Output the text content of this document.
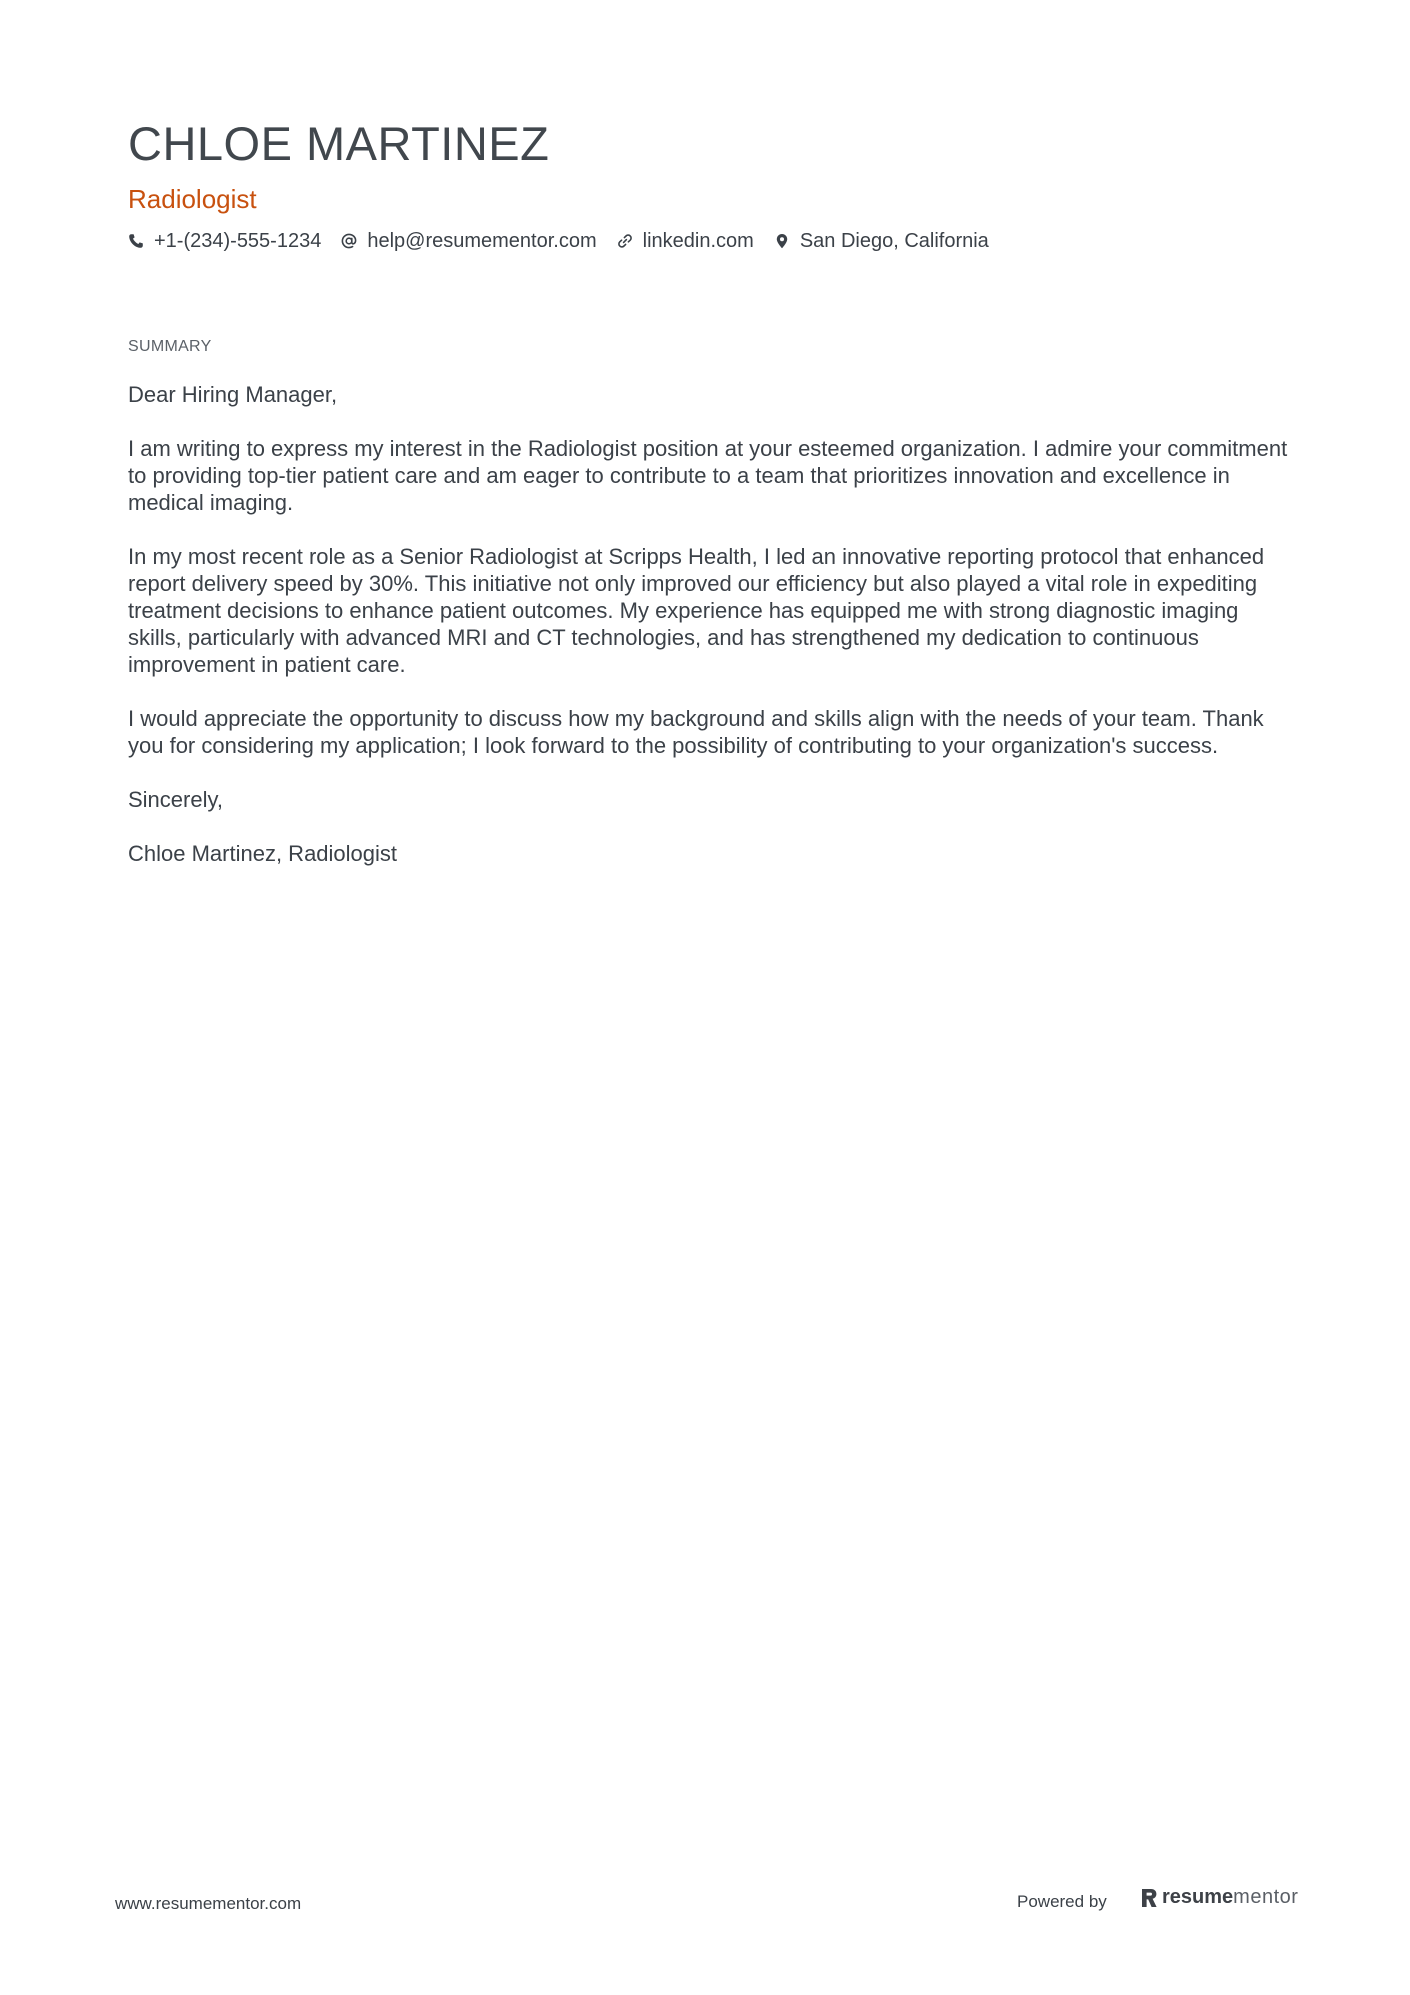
CHLOE MARTINEZ
Radiologist
+1-(234)-555-1234 help@resumementor.com linkedin.com San Diego, California
SUMMARY

Dear Hiring Manager,

I am writing to express my interest in the Radiologist position at your esteemed organization. I admire your commitment to providing top-tier patient care and am eager to contribute to a team that prioritizes innovation and excellence in medical imaging.

In my most recent role as a Senior Radiologist at Scripps Health, I led an innovative reporting protocol that enhanced report delivery speed by 30%. This initiative not only improved our efficiency but also played a vital role in expediting treatment decisions to enhance patient outcomes. My experience has equipped me with strong diagnostic imaging skills, particularly with advanced MRI and CT technologies, and has strengthened my dedication to continuous improvement in patient care.

I would appreciate the opportunity to discuss how my background and skills align with the needs of your team. Thank you for considering my application; I look forward to the possibility of contributing to your organization's success.

Sincerely,

Chloe Martinez, Radiologist

www.resumementor.com	Powered by	resume mentor
